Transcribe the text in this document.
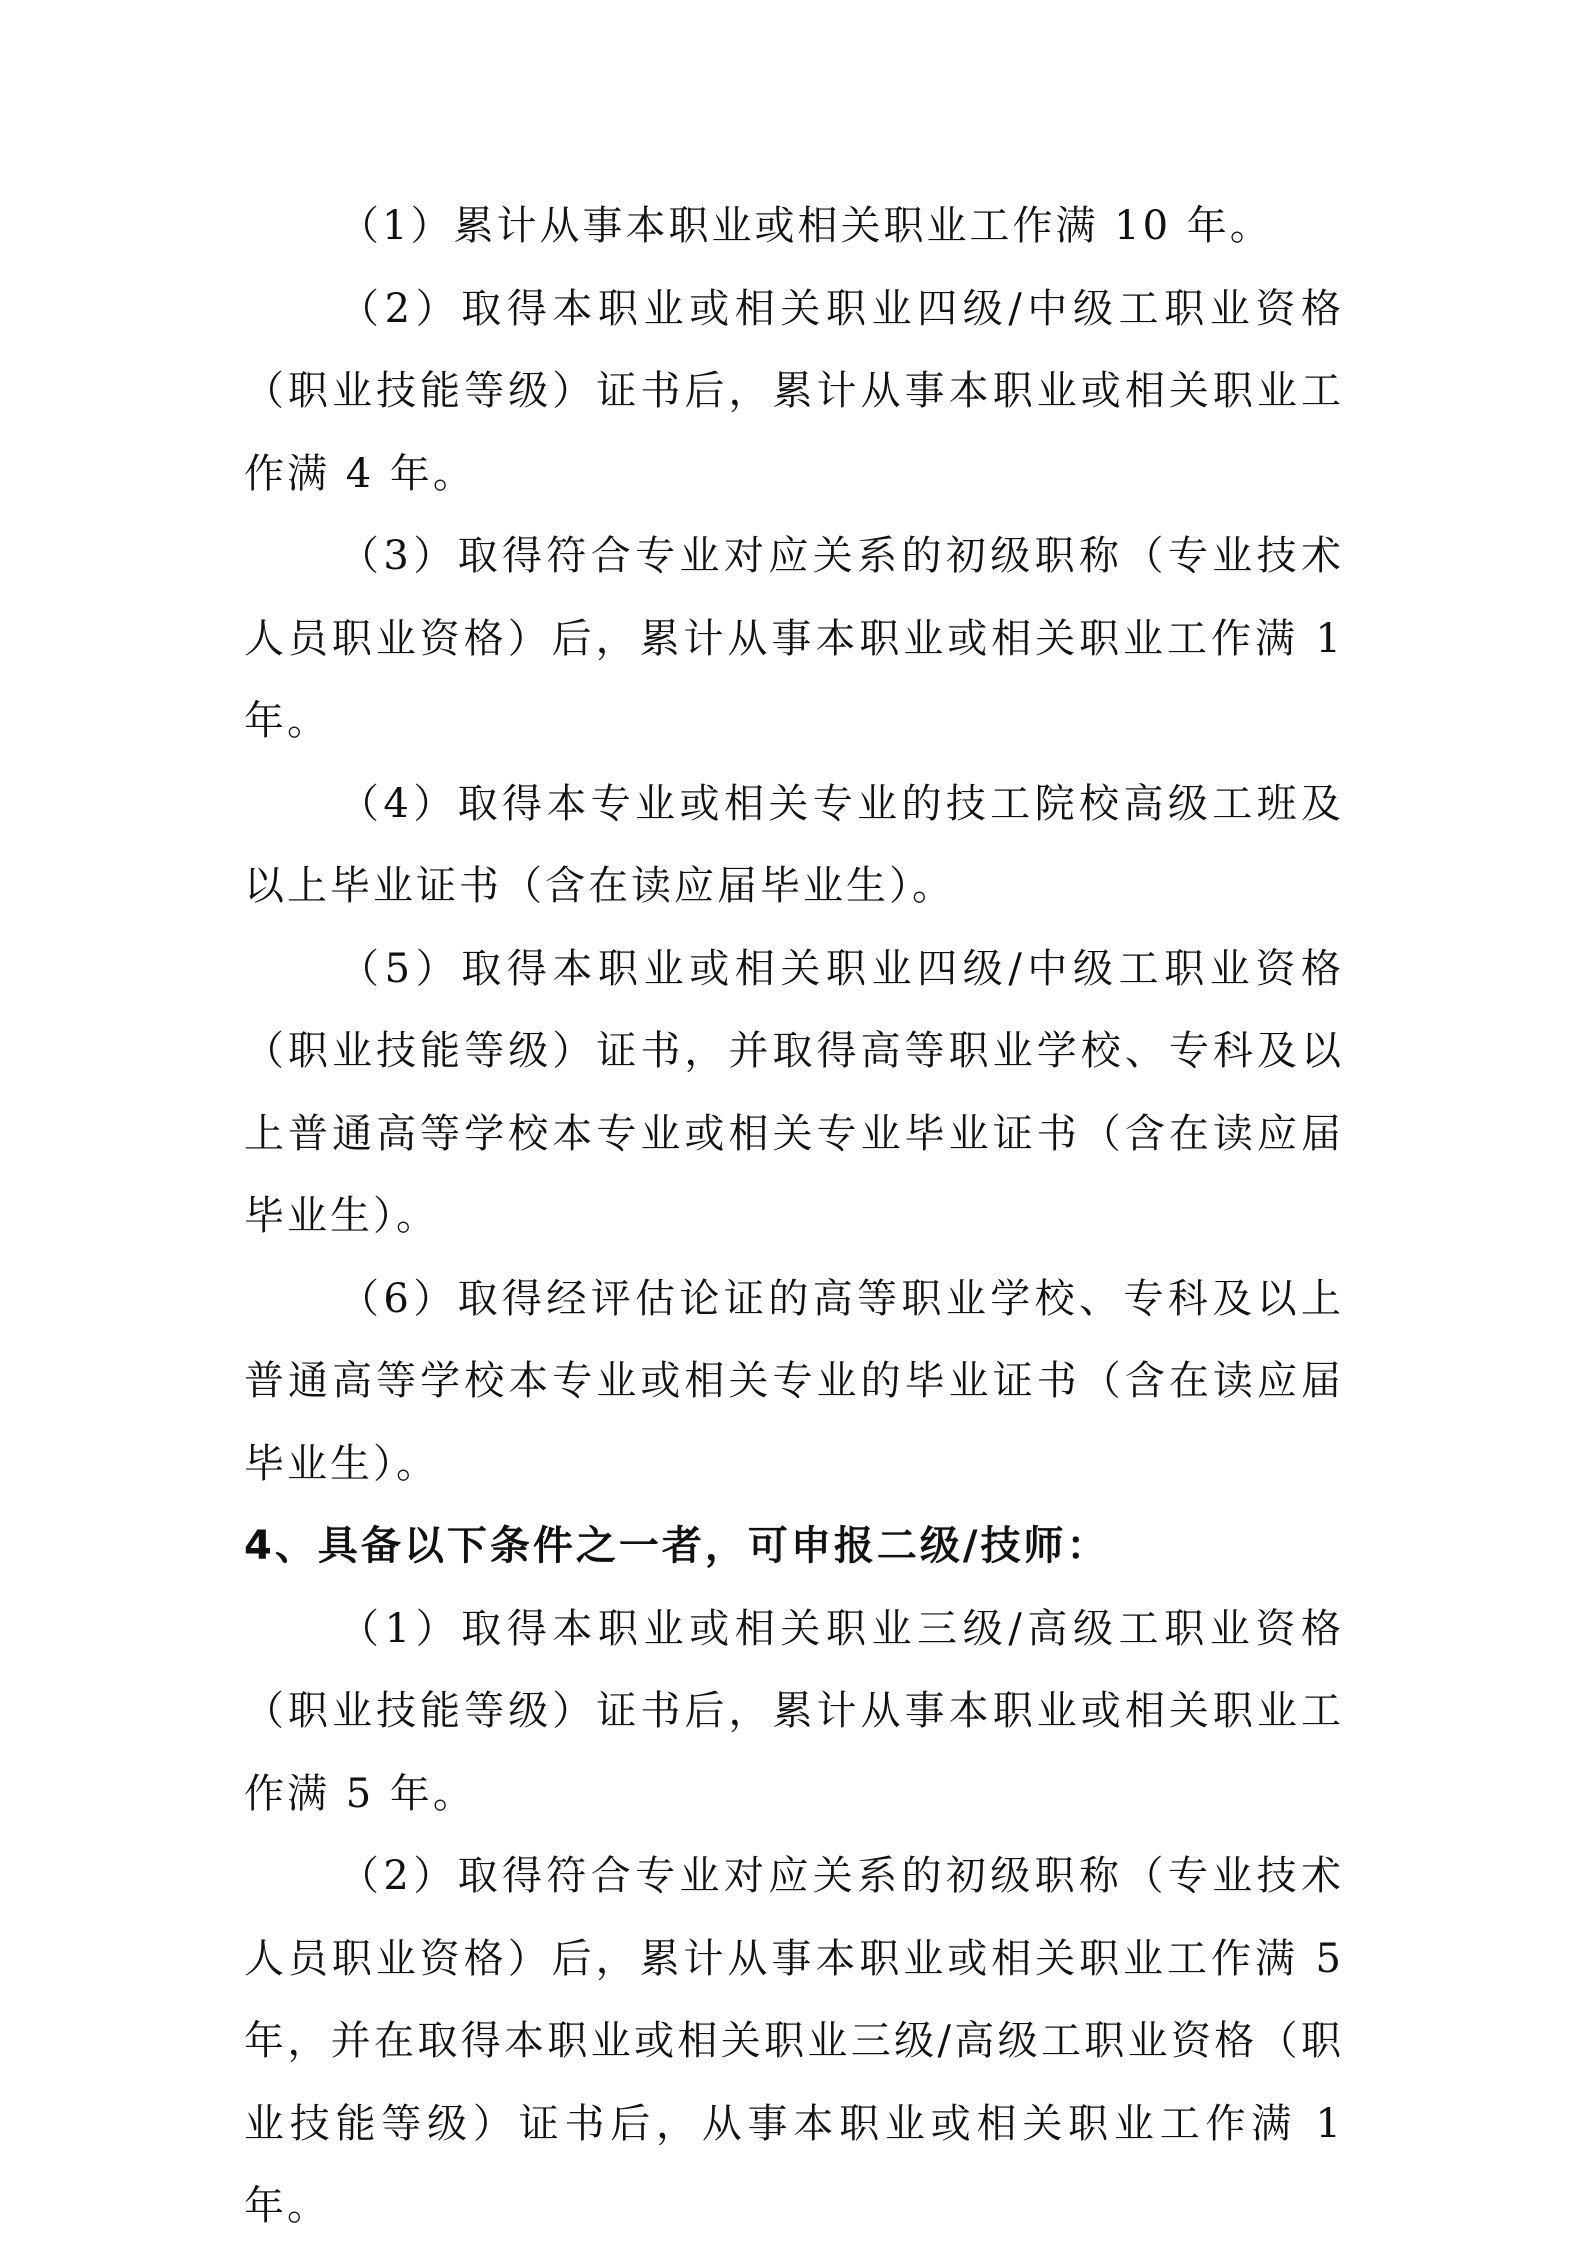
（1）累计从事本职业或相关职业工作满 10 年。

（2）取得本职业或相关职业四级/中级工职业资格（职业技能等级）证书后，累计从事本职业或相关职业工作满 4 年。

（3）取得符合专业对应关系的初级职称（专业技术人员职业资格）后，累计从事本职业或相关职业工作满 1 年。

（4）取得本专业或相关专业的技工院校高级工班及以上毕业证书（含在读应届毕业生）。

（5）取得本职业或相关职业四级/中级工职业资格（职业技能等级）证书，并取得高等职业学校、专科及以上普通高等学校本专业或相关专业毕业证书（含在读应届毕业生）。

（6）取得经评估论证的高等职业学校、专科及以上普通高等学校本专业或相关专业的毕业证书（含在读应届毕业生）。

4、具备以下条件之一者，可申报二级/技师：

（1）取得本职业或相关职业三级/高级工职业资格（职业技能等级）证书后，累计从事本职业或相关职业工作满 5 年。

（2）取得符合专业对应关系的初级职称（专业技术人员职业资格）后，累计从事本职业或相关职业工作满 5 年，并在取得本职业或相关职业三级/高级工职业资格（职业技能等级）证书后，从事本职业或相关职业工作满 1 年。
